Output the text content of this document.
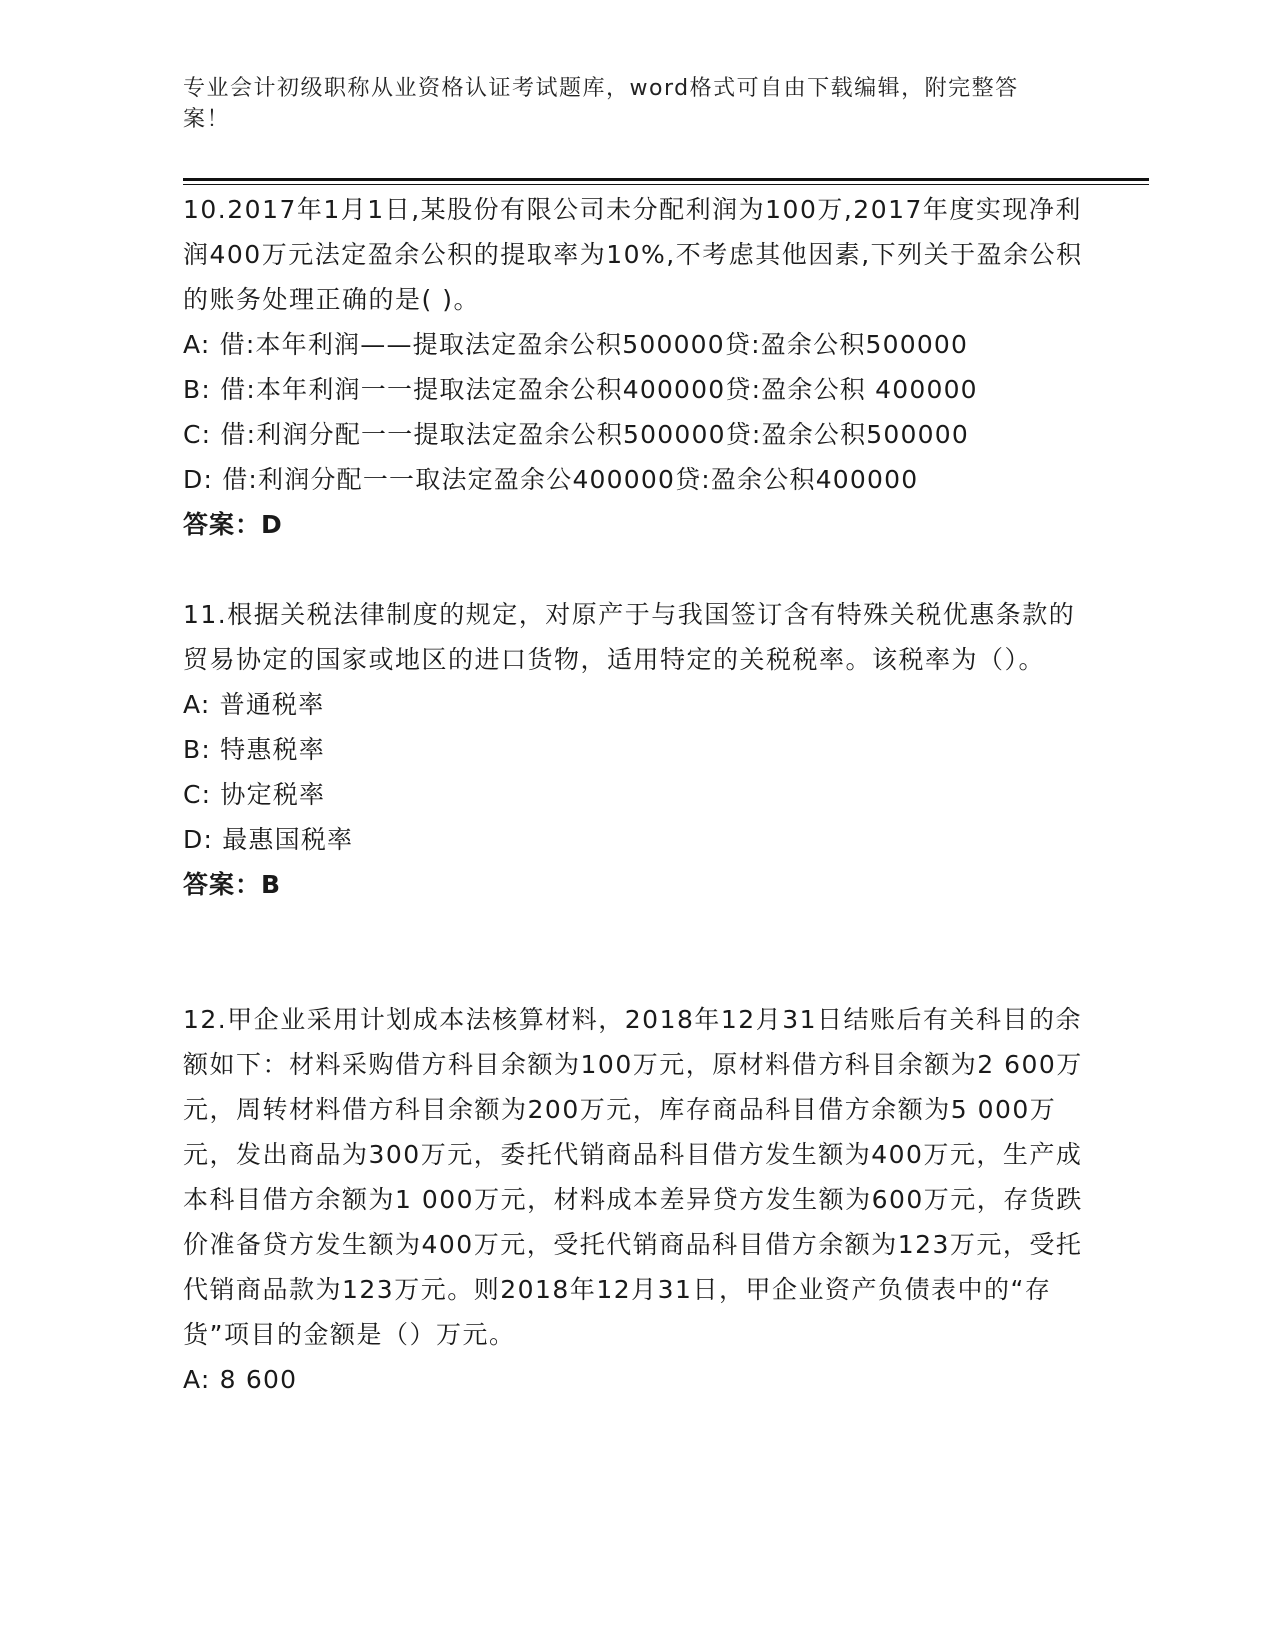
专业会计初级职称从业资格认证考试题库，word格式可自由下载编辑，附完整答案！

10.2017年1月1日,某股份有限公司未分配利润为100万,2017年度实现净利润400万元法定盈余公积的提取率为10%,不考虑其他因素,下列关于盈余公积的账务处理正确的是( )。

A: 借:本年利润——提取法定盈余公积500000贷:盈余公积500000

B: 借:本年利润一一提取法定盈余公积400000贷:盈余公积 400000

C: 借:利润分配一一提取法定盈余公积500000贷:盈余公积500000

D: 借:利润分配一一取法定盈余公400000贷:盈余公积400000

答案：D

11.根据关税法律制度的规定，对原产于与我国签订含有特殊关税优惠条款的贸易协定的国家或地区的进口货物，适用特定的关税税率。该税率为（）。

A: 普通税率

B: 特惠税率

C: 协定税率

D: 最惠国税率

答案：B

12.甲企业采用计划成本法核算材料，2018年12月31日结账后有关科目的余额如下：材料采购借方科目余额为100万元，原材料借方科目余额为2 600万元，周转材料借方科目余额为200万元，库存商品科目借方余额为5 000万元，发出商品为300万元，委托代销商品科目借方发生额为400万元，生产成本科目借方余额为1 000万元，材料成本差异贷方发生额为600万元，存货跌价准备贷方发生额为400万元，受托代销商品科目借方余额为123万元，受托代销商品款为123万元。则2018年12月31日，甲企业资产负债表中的“存货”项目的金额是（）万元。

A: 8 600
